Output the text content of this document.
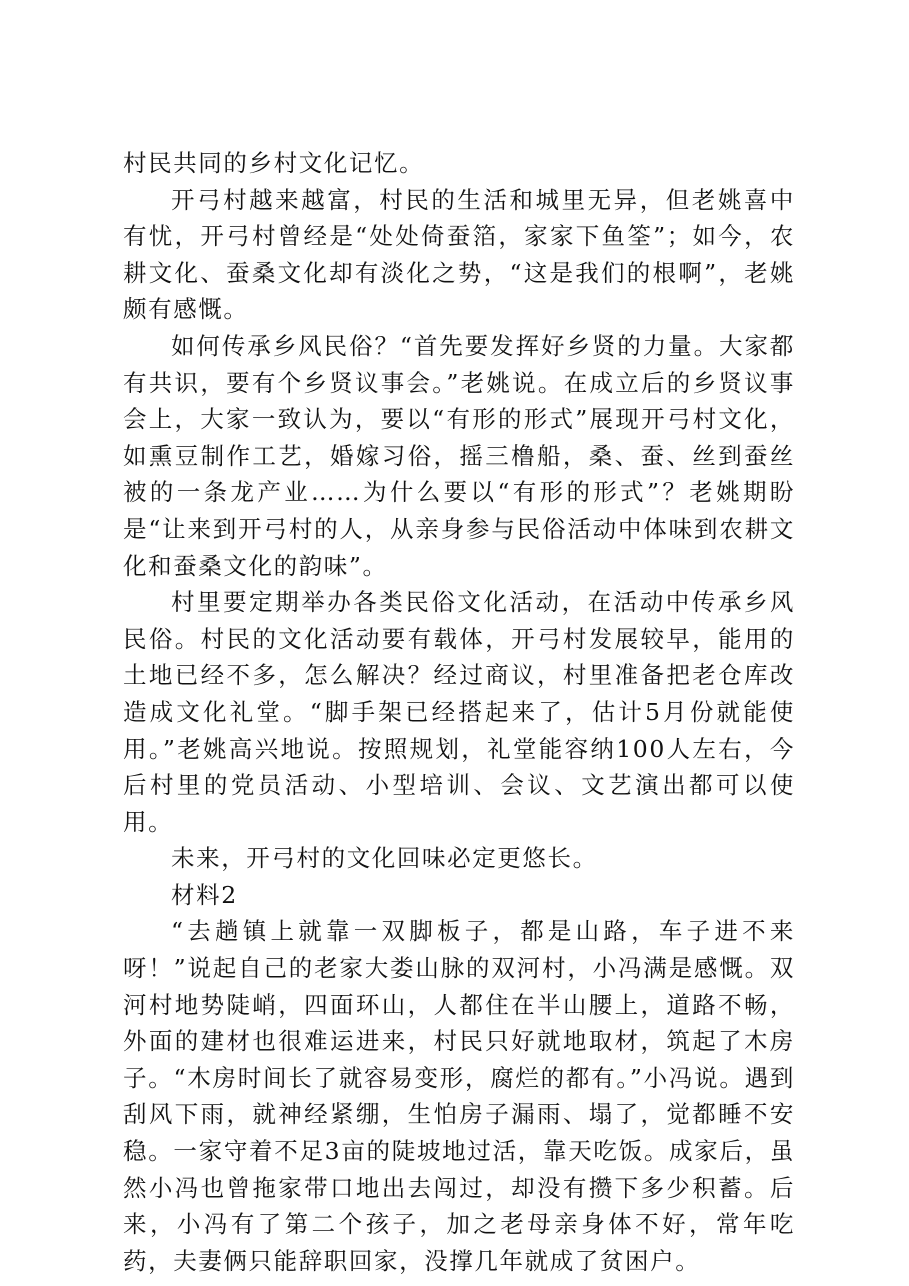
村民共同的乡村文化记忆。

开弓村越来越富，村民的生活和城里无异，但老姚喜中有忧，开弓村曾经是“处处倚蚕箔，家家下鱼筌”；如今，农耕文化、蚕桑文化却有淡化之势，“这是我们的根啊”，老姚颇有感慨。

如何传承乡风民俗？“首先要发挥好乡贤的力量。大家都有共识，要有个乡贤议事会。”老姚说。在成立后的乡贤议事会上，大家一致认为，要以“有形的形式”展现开弓村文化，如熏豆制作工艺，婚嫁习俗，摇三橹船，桑、蚕、丝到蚕丝被的一条龙产业……为什么要以“有形的形式”？老姚期盼是“让来到开弓村的人，从亲身参与民俗活动中体味到农耕文化和蚕桑文化的韵味”。

村里要定期举办各类民俗文化活动，在活动中传承乡风民俗。村民的文化活动要有载体，开弓村发展较早，能用的土地已经不多，怎么解决？经过商议，村里准备把老仓库改造成文化礼堂。“脚手架已经搭起来了，估计5月份就能使用。”老姚高兴地说。按照规划，礼堂能容纳100人左右，今后村里的党员活动、小型培训、会议、文艺演出都可以使用。

未来，开弓村的文化回味必定更悠长。

材料2

“去趟镇上就靠一双脚板子，都是山路，车子进不来呀！”说起自己的老家大娄山脉的双河村，小冯满是感慨。双河村地势陡峭，四面环山，人都住在半山腰上，道路不畅，外面的建材也很难运进来，村民只好就地取材，筑起了木房子。“木房时间长了就容易变形，腐烂的都有。”小冯说。遇到刮风下雨，就神经紧绷，生怕房子漏雨、塌了，觉都睡不安稳。一家守着不足3亩的陡坡地过活，靠天吃饭。成家后，虽然小冯也曾拖家带口地出去闯过，却没有攒下多少积蓄。后来，小冯有了第二个孩子，加之老母亲身体不好，常年吃药，夫妻俩只能辞职回家，没撑几年就成了贫困户。
